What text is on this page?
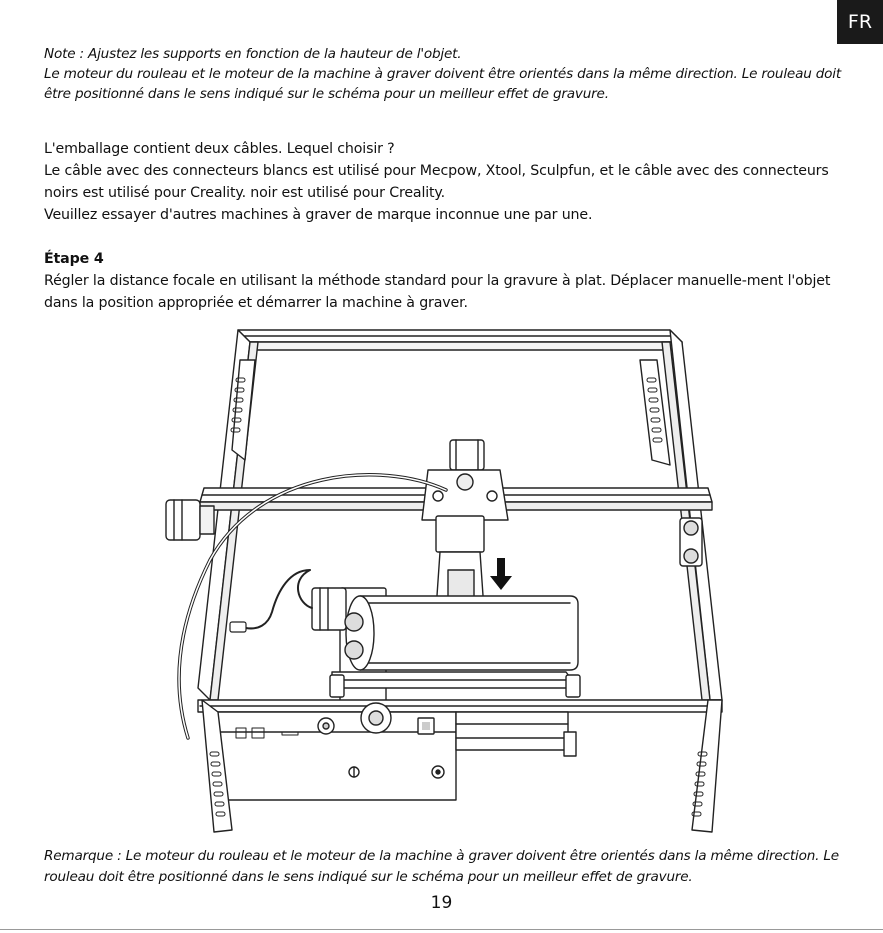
FR

Note : Ajustez les supports en fonction de la hauteur de l'objet.

Le moteur du rouleau et le moteur de la machine à graver doivent être orientés dans la même direction. Le rouleau doit être positionné dans le sens indiqué sur le schéma pour un meilleur effet de gravure.

L'emballage contient deux câbles. Lequel choisir ?

Le câble avec des connecteurs blancs est utilisé pour Mecpow, Xtool, Sculpfun, et le câble avec des connecteurs noirs est utilisé pour Creality. noir est utilisé pour Creality.

Veuillez essayer d'autres machines à graver de marque inconnue une par une.

Étape 4

Régler la distance focale en utilisant la méthode standard pour la gravure à plat. Déplacer manuelle-ment l'objet dans la position appropriée et démarrer la machine à graver.

Remarque : Le moteur du rouleau et le moteur de la machine à graver doivent être orientés dans la même direction. Le rouleau doit être positionné dans le sens indiqué sur le schéma pour un meilleur effet de gravure.

19
